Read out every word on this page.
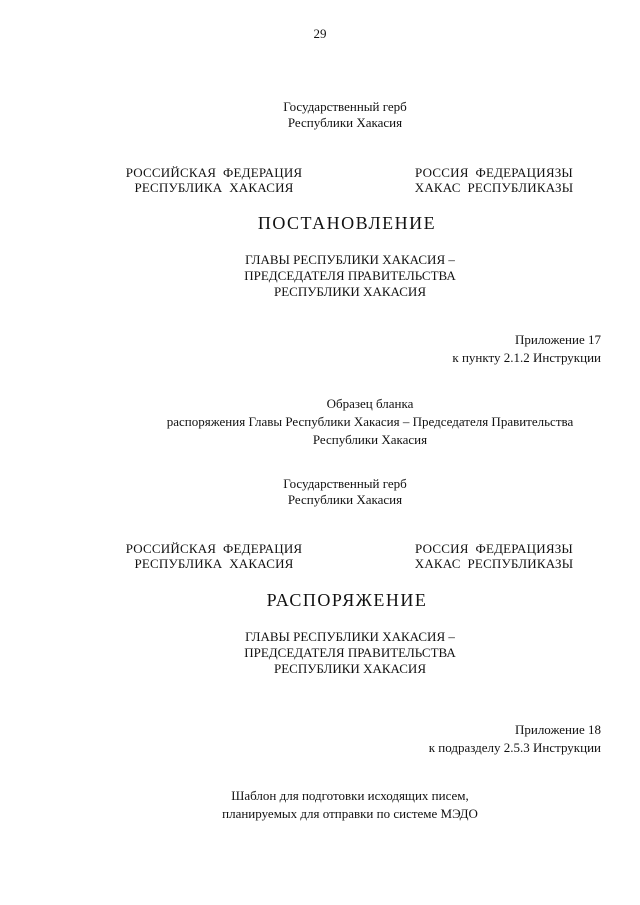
29
Государственный герб
Республики Хакасия
РОССИЙСКАЯ  ФЕДЕРАЦИЯ
РЕСПУБЛИКА  ХАКАСИЯ
РОССИЯ  ФЕДЕРАЦИЯЗЫ
ХАКАС  РЕСПУБЛИКАЗЫ
ПОСТАНОВЛЕНИЕ
ГЛАВЫ РЕСПУБЛИКИ ХАКАСИЯ –
ПРЕДСЕДАТЕЛЯ ПРАВИТЕЛЬСТВА
РЕСПУБЛИКИ ХАКАСИЯ
Приложение 17
к пункту 2.1.2 Инструкции
Образец бланка
распоряжения Главы Республики Хакасия – Председателя Правительства
Республики Хакасия
Государственный герб
Республики Хакасия
РОССИЙСКАЯ  ФЕДЕРАЦИЯ
РЕСПУБЛИКА  ХАКАСИЯ
РОССИЯ  ФЕДЕРАЦИЯЗЫ
ХАКАС  РЕСПУБЛИКАЗЫ
РАСПОРЯЖЕНИЕ
ГЛАВЫ РЕСПУБЛИКИ ХАКАСИЯ –
ПРЕДСЕДАТЕЛЯ ПРАВИТЕЛЬСТВА
РЕСПУБЛИКИ ХАКАСИЯ
Приложение 18
к подразделу 2.5.3 Инструкции
Шаблон для подготовки исходящих писем,
планируемых для отправки по системе МЭДО
